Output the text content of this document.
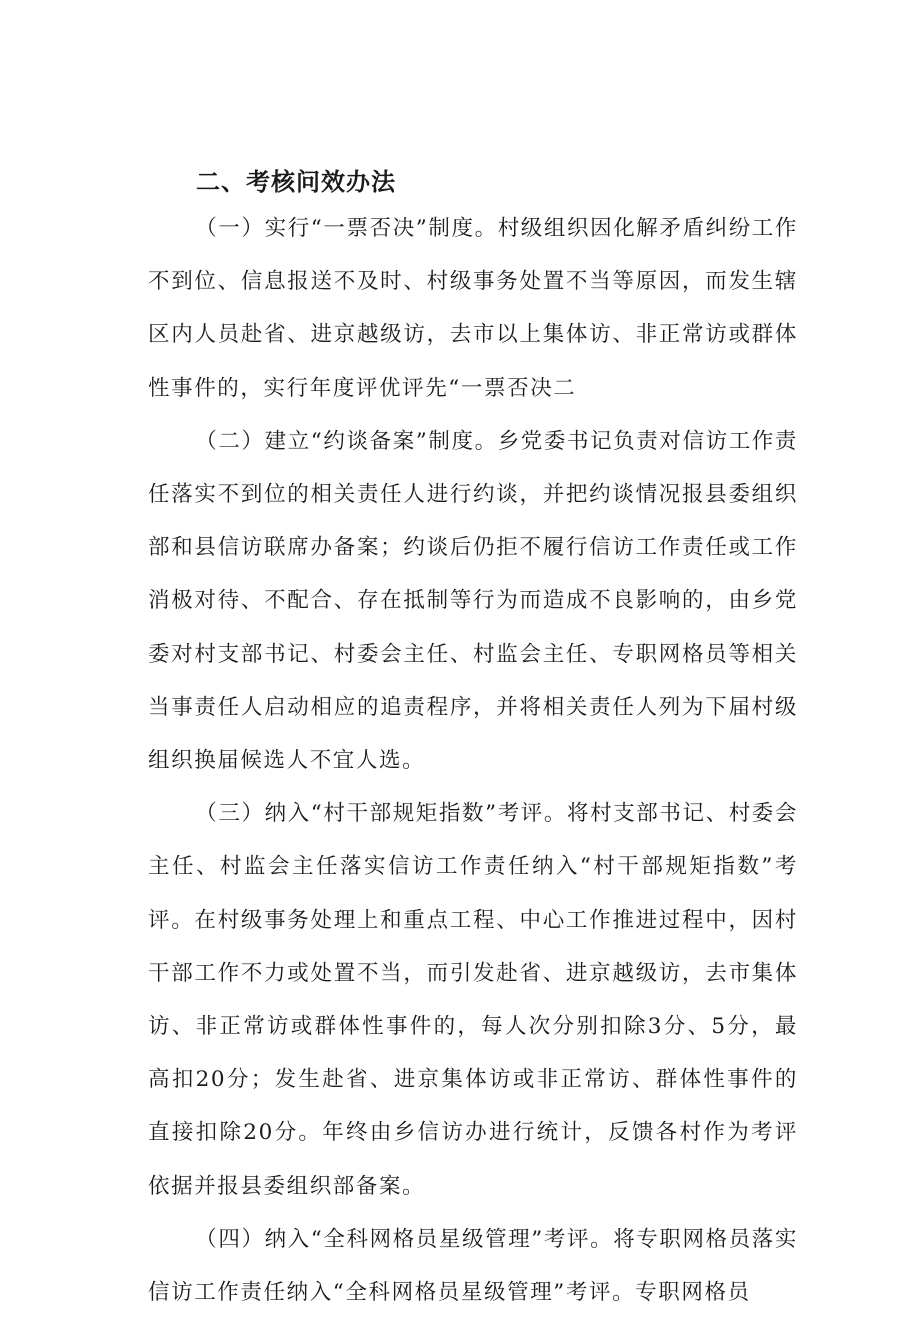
二、考核问效办法

（一）实行“一票否决”制度。村级组织因化解矛盾纠纷工作不到位、信息报送不及时、村级事务处置不当等原因，而发生辖区内人员赴省、进京越级访，去市以上集体访、非正常访或群体性事件的，实行年度评优评先“一票否决二

（二）建立“约谈备案”制度。乡党委书记负责对信访工作责任落实不到位的相关责任人进行约谈，并把约谈情况报县委组织部和县信访联席办备案；约谈后仍拒不履行信访工作责任或工作消极对待、不配合、存在抵制等行为而造成不良影响的，由乡党委对村支部书记、村委会主任、村监会主任、专职网格员等相关当事责任人启动相应的追责程序，并将相关责任人列为下届村级组织换届候选人不宜人选。

（三）纳入“村干部规矩指数”考评。将村支部书记、村委会主任、村监会主任落实信访工作责任纳入“村干部规矩指数”考评。在村级事务处理上和重点工程、中心工作推进过程中，因村干部工作不力或处置不当，而引发赴省、进京越级访，去市集体访、非正常访或群体性事件的，每人次分别扣除3分、5分，最高扣20分；发生赴省、进京集体访或非正常访、群体性事件的直接扣除20分。年终由乡信访办进行统计，反馈各村作为考评依据并报县委组织部备案。

（四）纳入“全科网格员星级管理”考评。将专职网格员落实信访工作责任纳入“全科网格员星级管理”考评。专职网格员
